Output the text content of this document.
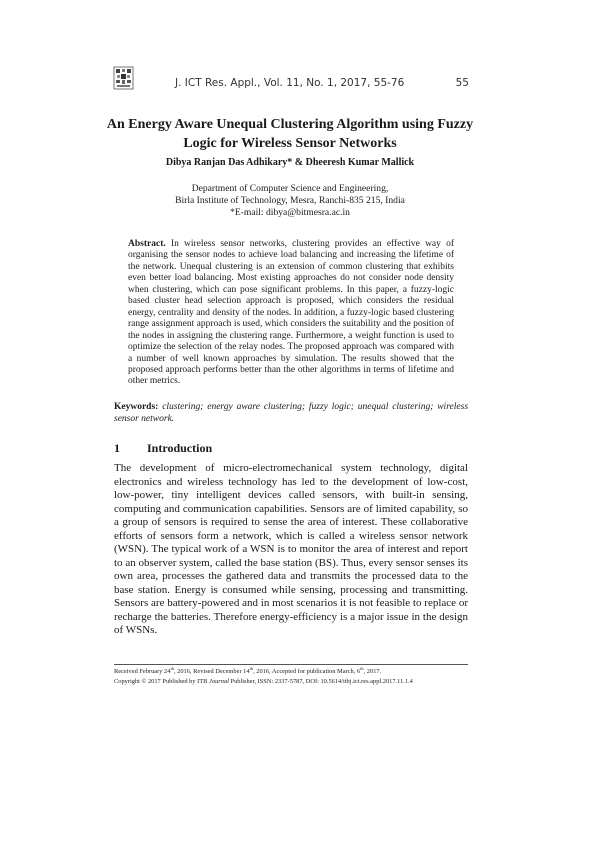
J. ICT Res. Appl., Vol. 11, No. 1, 2017, 55-76	55
An Energy Aware Unequal Clustering Algorithm using Fuzzy Logic for Wireless Sensor Networks
Dibya Ranjan Das Adhikary* & Dheeresh Kumar Mallick
Department of Computer Science and Engineering,
Birla Institute of Technology, Mesra, Ranchi-835 215, India
*E-mail: dibya@bitmesra.ac.in
Abstract. In wireless sensor networks, clustering provides an effective way of organising the sensor nodes to achieve load balancing and increasing the lifetime of the network. Unequal clustering is an extension of common clustering that exhibits even better load balancing. Most existing approaches do not consider node density when clustering, which can pose significant problems. In this paper, a fuzzy-logic based cluster head selection approach is proposed, which considers the residual energy, centrality and density of the nodes. In addition, a fuzzy-logic based clustering range assignment approach is used, which considers the suitability and the position of the nodes in assigning the clustering range. Furthermore, a weight function is used to optimize the selection of the relay nodes. The proposed approach was compared with a number of well known approaches by simulation. The results showed that the proposed approach performs better than the other algorithms in terms of lifetime and other metrics.
Keywords: clustering; energy aware clustering; fuzzy logic; unequal clustering; wireless sensor network.
1 Introduction
The development of micro-electromechanical system technology, digital electronics and wireless technology has led to the development of low-cost, low-power, tiny intelligent devices called sensors, with built-in sensing, computing and communication capabilities. Sensors are of limited capability, so a group of sensors is required to sense the area of interest. These collaborative efforts of sensors form a network, which is called a wireless sensor network (WSN). The typical work of a WSN is to monitor the area of interest and report to an observer system, called the base station (BS). Thus, every sensor senses its own area, processes the gathered data and transmits the processed data to the base station. Energy is consumed while sensing, processing and transmitting. Sensors are battery-powered and in most scenarios it is not feasible to replace or recharge the batteries. Therefore energy-efficiency is a major issue in the design of WSNs.
Received February 24th, 2016, Revised December 14th, 2016, Accepted for publication March, 6th, 2017.
Copyright © 2017 Published by ITB Journal Publisher, ISSN: 2337-5787, DOI: 10.5614/itbj.ict.res.appl.2017.11.1.4
